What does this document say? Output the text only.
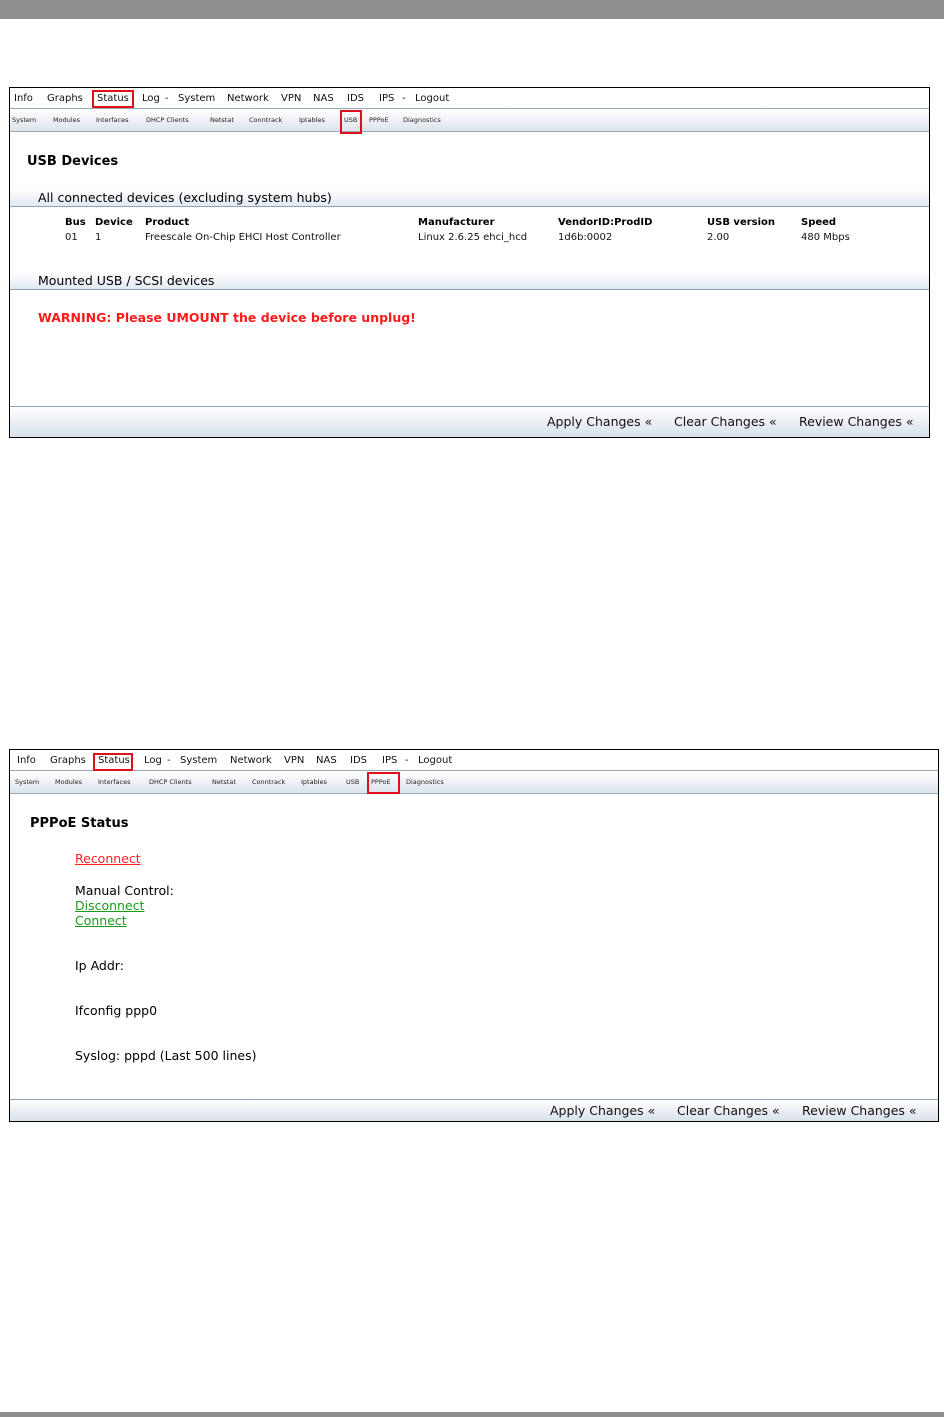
Info Graphs Status Log - System Network VPN NAS IDS IPS - Logout
System	Modules Interfaces	DHCP Clients	Netstat Conntrack	Iptables	USB PPPoE Diagnostics
USB Devices
All connected devices (excluding system hubs)
Bus Device Product	Manufacturer	VendorID:ProdID	USB version	Speed
01 1	Freescale On-Chip EHCI Host Controller	Linux 2.6.25 ehci_hcd	1d6b:0002	2.00	480 Mbps
Mounted USB / SCSI devices
WARNING: Please UMOUNT the device before unplug!
Apply Changes « Clear Changes « Review Changes «
Info Graphs Status Log - System Network VPN NAS IDS IPS - Logout
System Modules Interfaces	DHCP Clients	Netstat Conntrack Iptables	USB PPPoE Diagnostics
PPPoE Status
Reconnect
Manual Control:
Disconnect
Connect
Ip Addr:
Ifconfig ppp0
Syslog: pppd (Last 500 lines)
Apply Changes « Clear Changes « Review Changes «
